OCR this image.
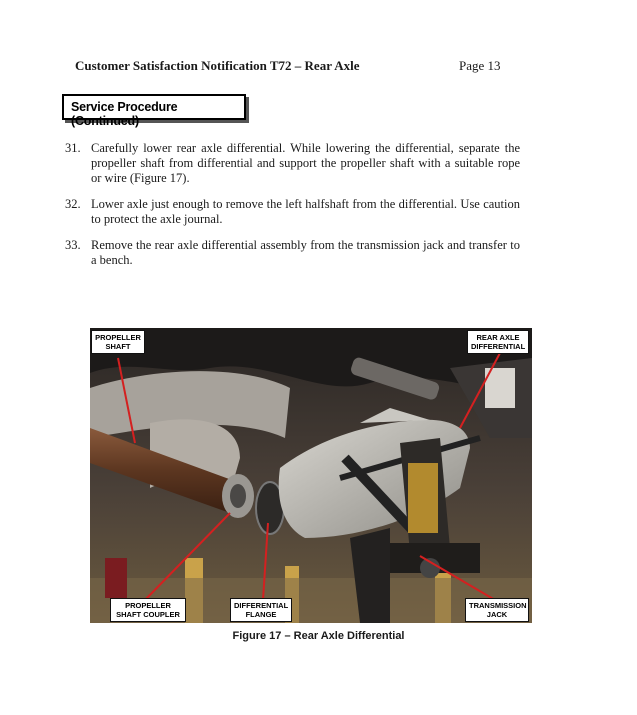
Customer Satisfaction Notification T72 – Rear Axle	Page 13
Service Procedure (Continued)
31. Carefully lower rear axle differential. While lowering the differential, separate the propeller shaft from differential and support the propeller shaft with a suitable rope or wire (Figure 17).
32. Lower axle just enough to remove the left halfshaft from the differential. Use caution to protect the axle journal.
33. Remove the rear axle differential assembly from the transmission jack and transfer to a bench.
PROPELLER
SHAFT
REAR AXLE
DIFFERENTIAL
PROPELLER
SHAFT COUPLER
DIFFERENTIAL
FLANGE
TRANSMISSION
JACK
Figure 17 – Rear Axle Differential
